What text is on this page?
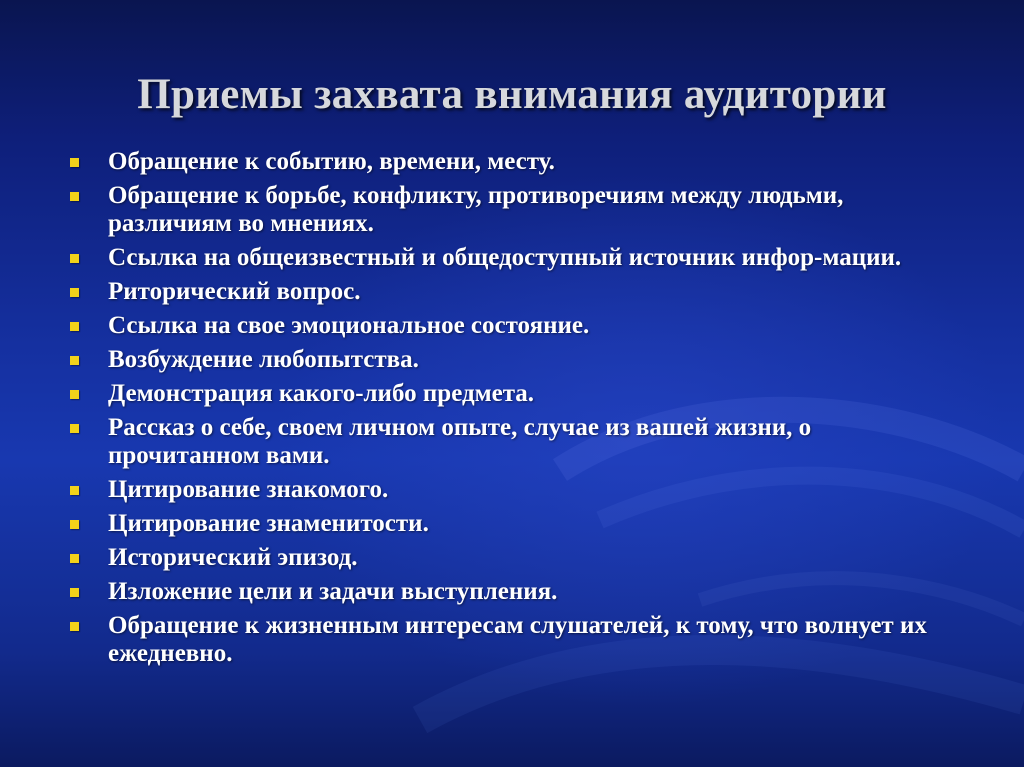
Приемы захвата внимания аудитории
Обращение к событию, времени, месту.
Обращение к борьбе, конфликту, противоречиям между людьми, различиям во мнениях.
Ссылка на общеизвестный и общедоступный источник инфор-мации.
Риторический вопрос.
Ссылка на свое эмоциональное состояние.
Возбуждение любопытства.
Демонстрация какого-либо предмета.
Рассказ о себе, своем личном опыте, случае из вашей жизни, о прочитанном вами.
Цитирование знакомого.
Цитирование знаменитости.
Исторический эпизод.
Изложение цели и задачи выступления.
Обращение к жизненным интересам слушателей, к тому, что волнует их ежедневно.
